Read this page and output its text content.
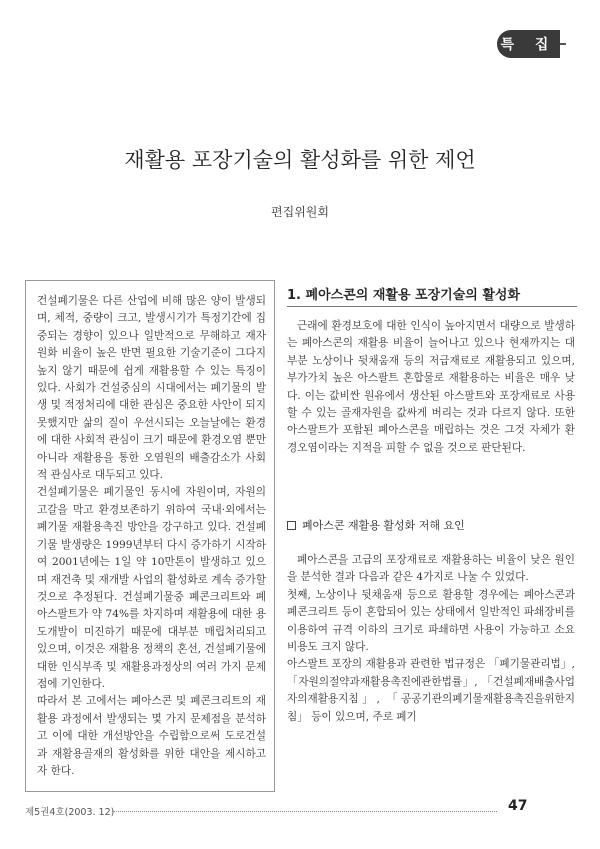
특 집
재활용 포장기술의 활성화를 위한 제언
편집위원회
건설폐기물은 다른 산업에 비해 많은 양이 발생되며, 체적, 중량이 크고, 발생시기가 특정기간에 집중되는 경향이 있으나 일반적으로 무해하고 재자원화 비율이 높은 반면 필요한 기술기준이 그다지 높지 않기 때문에 쉽게 재활용할 수 있는 특징이 있다. 사회가 건설중심의 시대에서는 폐기물의 발생 및 적정처리에 대한 관심은 중요한 사안이 되지 못했지만 삶의 질이 우선시되는 오늘날에는 환경에 대한 사회적 관심이 크기 때문에 환경오염 뿐만 아니라 재활용을 통한 오염원의 배출감소가 사회적 관심사로 대두되고 있다.
건설폐기물은 폐기물인 동시에 자원이며, 자원의 고갈을 막고 환경보존하기 위하여 국내·외에서는 폐기물 재활용촉진 방안을 강구하고 있다. 건설폐기물 발생량은 1999년부터 다시 증가하기 시작하여 2001년에는 1일 약 10만톤이 발생하고 있으며 재건축 및 재개발 사업의 활성화로 계속 증가할 것으로 추정된다. 건설폐기물중 폐콘크리트와 폐아스팔트가 약 74%를 차지하며 재활용에 대한 용도개발이 미진하기 때문에 대부분 매립처리되고 있으며, 이것은 재활용 정책의 혼선, 건설폐기물에 대한 인식부족 및 재활용과정상의 여러 가지 문제점에 기인한다.
따라서 본 고에서는 폐아스콘 및 폐콘크리트의 재활용 과정에서 발생되는 몇 가지 문제점을 분석하고 이에 대한 개선방안을 수립함으로써 도로건설과 재활용골재의 활성화를 위한 대안을 제시하고자 한다.
1. 폐아스콘의 재활용 포장기술의 활성화

근래에 환경보호에 대한 인식이 높아지면서 대량으로 발생하는 폐아스콘의 재활용 비율이 늘어나고 있으나 현재까지는 대부분 노상이나 뒷채움재 등의 저급재료로 재활용되고 있으며, 부가가치 높은 아스팔트 혼합물로 재활용하는 비율은 매우 낮다. 이는 값비싼 원유에서 생산된 아스팔트와 포장재료로 사용할 수 있는 골재자원을 값싸게 버리는 것과 다르지 않다. 또한 아스팔트가 포함된 폐아스콘을 매립하는 것은 그것 자체가 환경오염이라는 지적을 피할 수 없을 것으로 판단된다.

폐아스콘 재활용 활성화 저해 요인

폐아스콘을 고급의 포장재료로 재활용하는 비율이 낮은 원인을 분석한 결과 다음과 같은 4가지로 나눌 수 있었다.
첫째, 노상이나 뒷채움재 등으로 활용할 경우에는 폐아스콘과 폐콘크리트 등이 혼합되어 있는 상태에서 일반적인 파쇄장비를 이용하여 규격 이하의 크기로 파쇄하면 사용이 가능하고 소요 비용도 크지 않다.
아스팔트 포장의 재활용과 관련한 법규정은 「폐기물관리법」, 「자원의절약과재활용촉진에관한법률」, 「건설폐재배출사업자의재활용지침」, 「공공기관의폐기물재활용촉진을위한지침」 등이 있으며, 주로 폐기

제5권4호(2003. 12)	47
